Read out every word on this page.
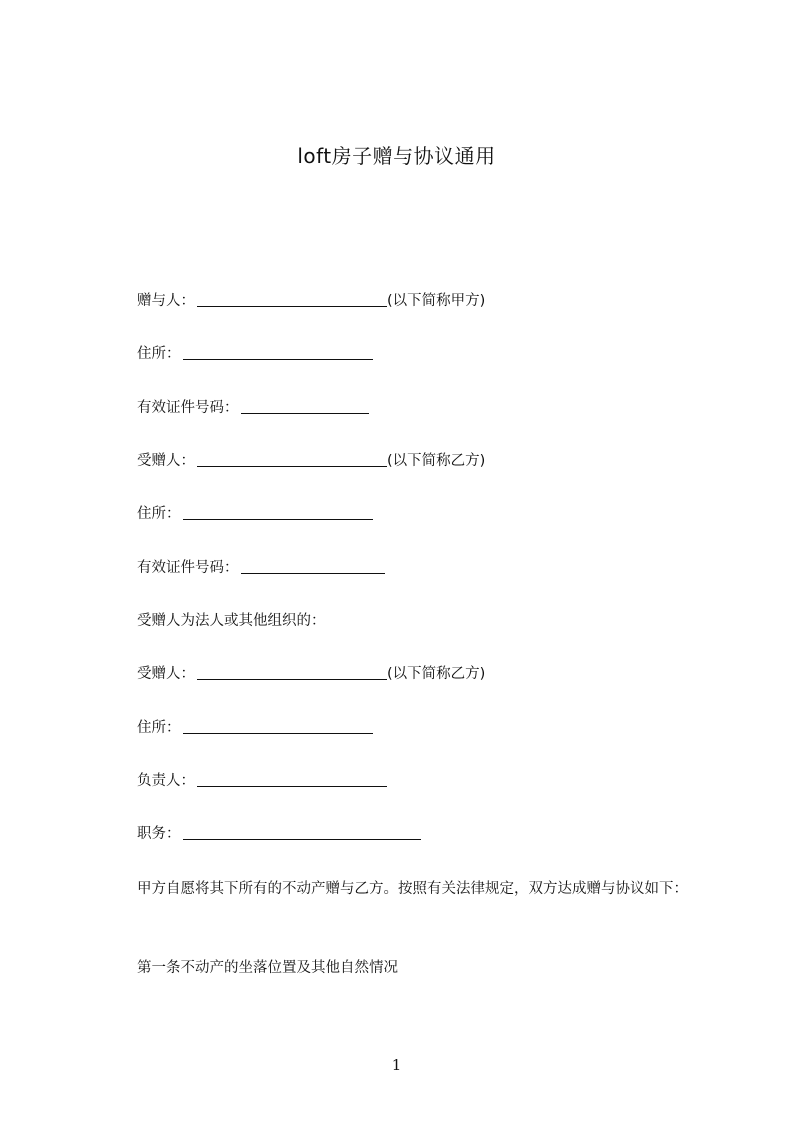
loft房子赠与协议通用
赠与人：	(以下简称甲方)
住所：
有效证件号码：
受赠人：	(以下简称乙方)
住所：
有效证件号码：
受赠人为法人或其他组织的：
受赠人：	(以下简称乙方)
住所：
负责人：
职务：
甲方自愿将其下所有的不动产赠与乙方。按照有关法律规定，双方达成赠与协议如下：
第一条不动产的坐落位置及其他自然情况
1
